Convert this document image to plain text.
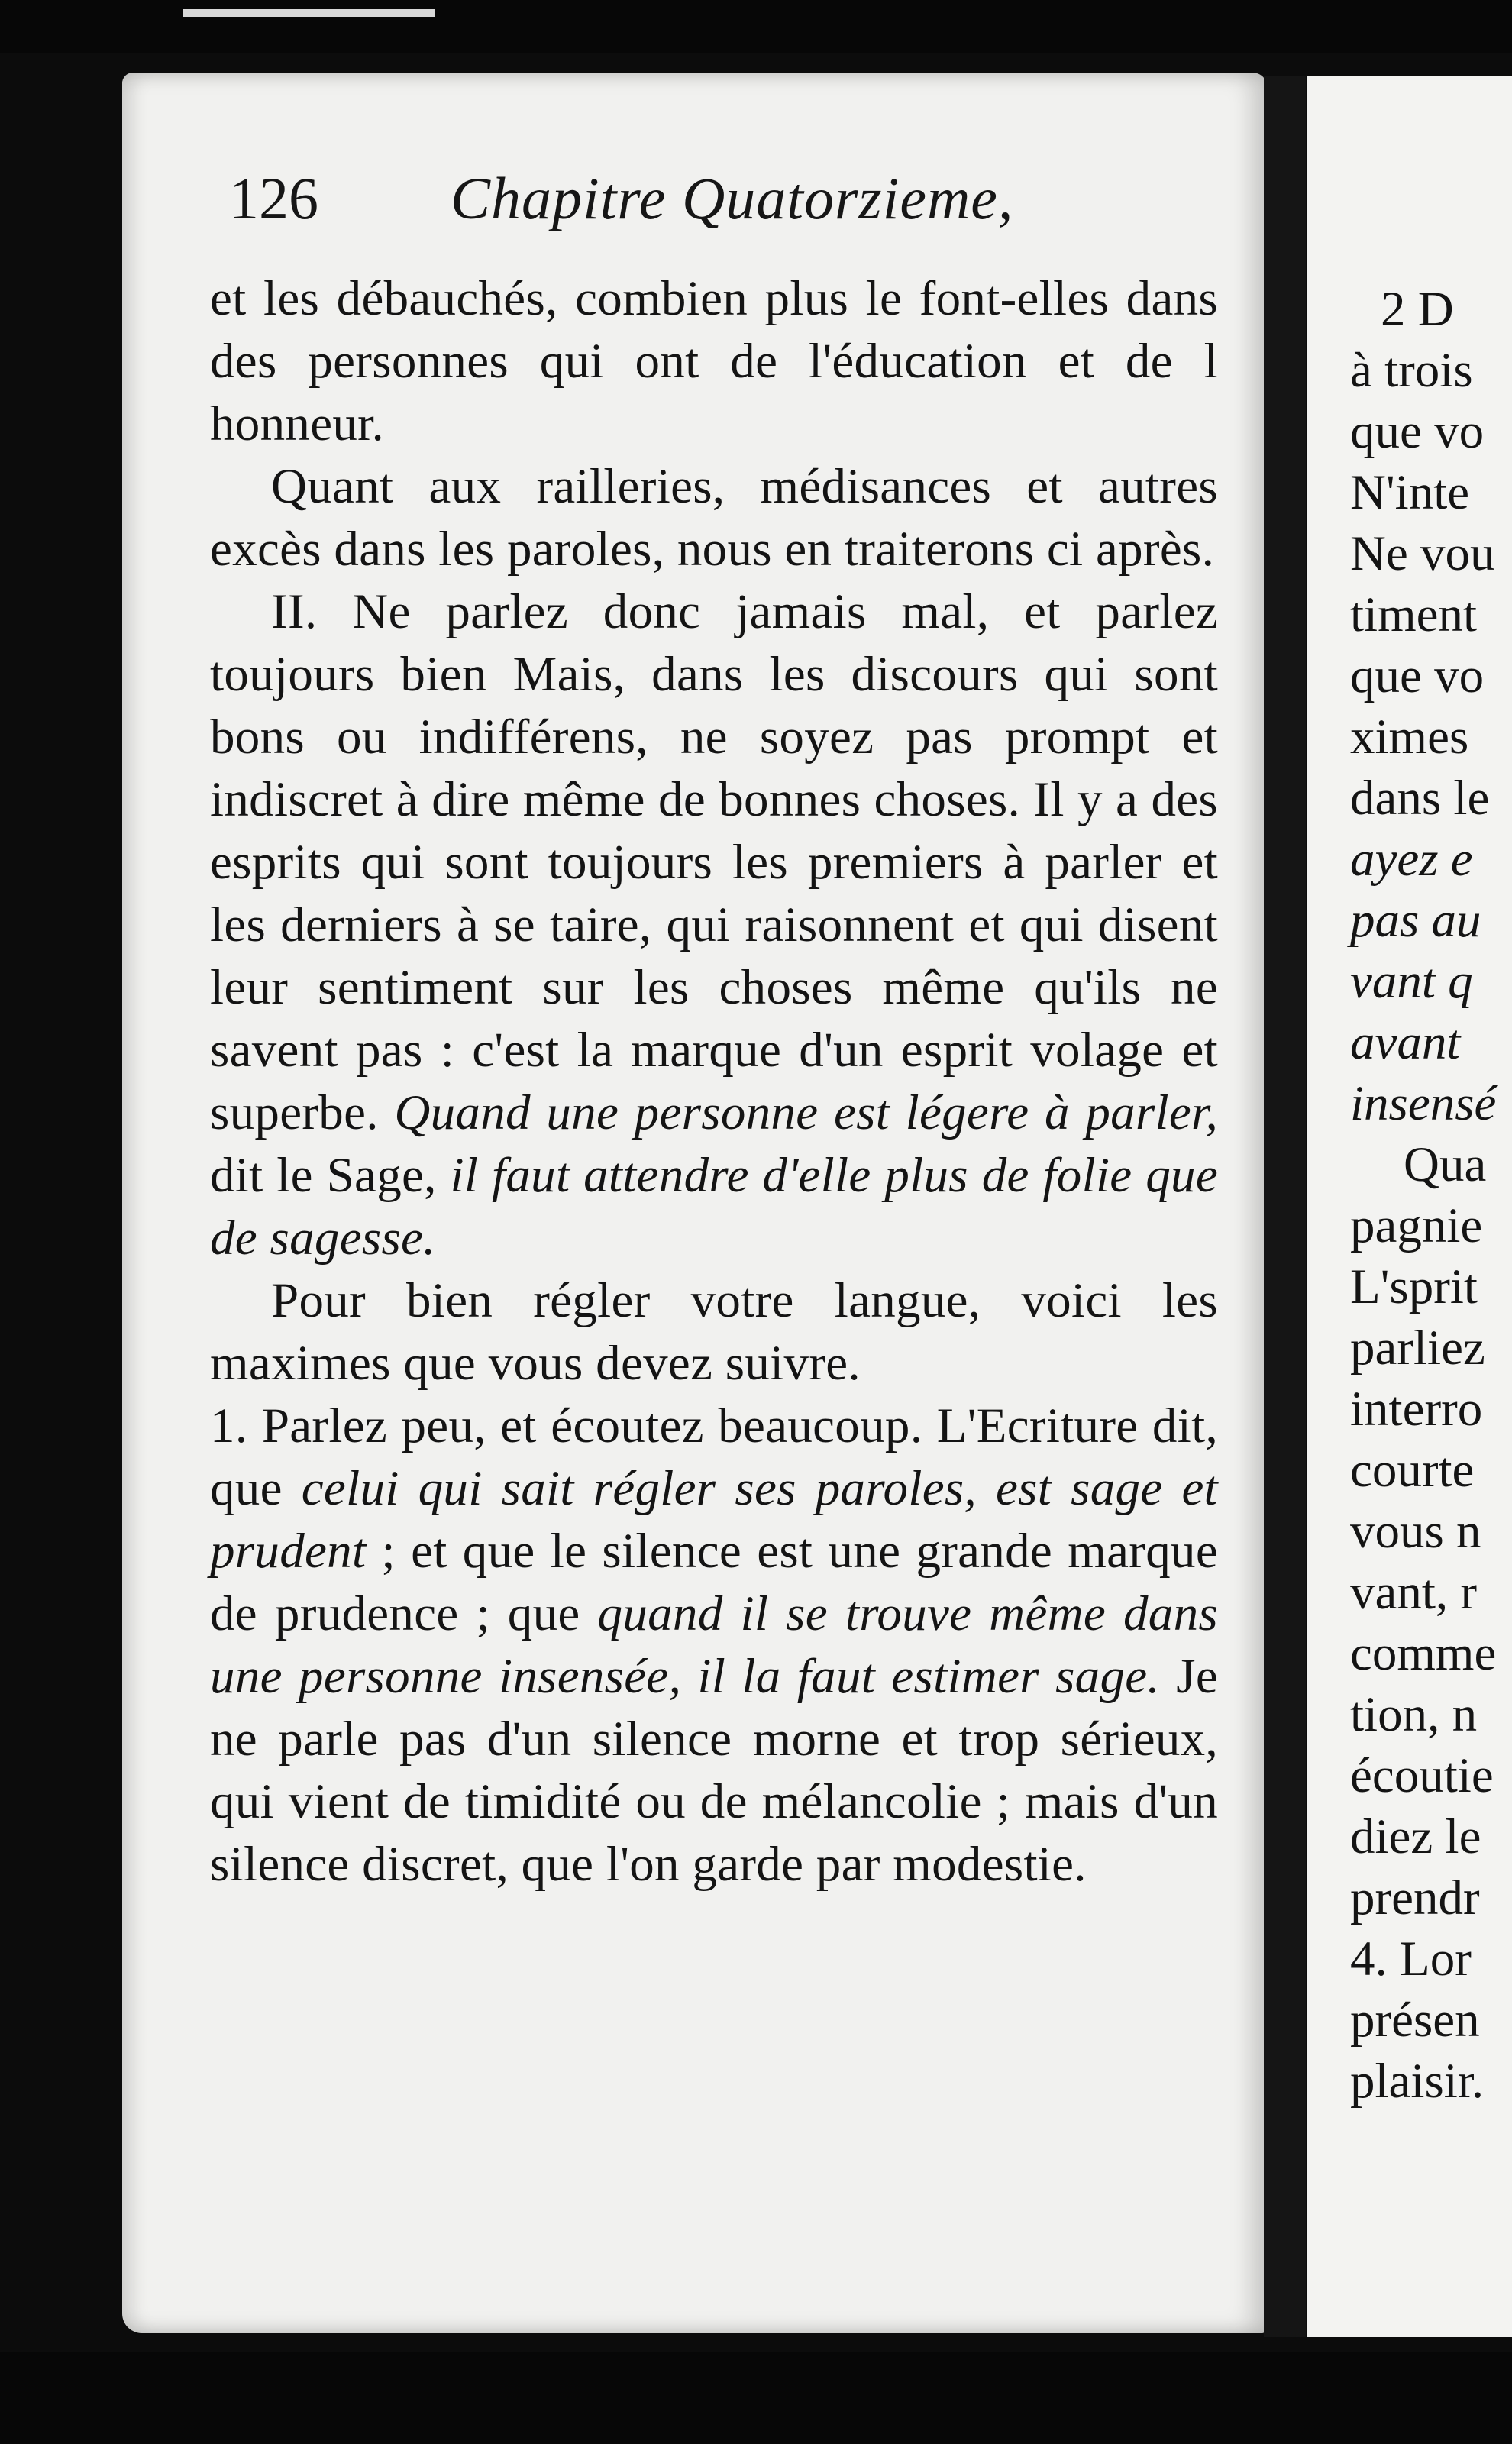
126 Chapitre Quatorzieme,

et les débauchés, combien plus le font-elles dans des personnes qui ont de l'éducation et de l honneur.

Quant aux railleries, médisances et autres excès dans les paroles, nous en traiterons ci après.

II. Ne parlez donc jamais mal, et parlez toujours bien Mais, dans les discours qui sont bons ou indifférens, ne soyez pas prompt et indiscret à dire même de bonnes choses. Il y a des esprits qui sont toujours les premiers à parler et les derniers à se taire, qui raisonnent et qui disent leur sentiment sur les choses même qu'ils ne savent pas : c'est la marque d'un esprit volage et superbe. Quand une personne est légere à parler, dit le Sage, il faut attendre d'elle plus de folie que de sagesse.

Pour bien régler votre langue, voici les maximes que vous devez suivre.

1. Parlez peu, et écoutez beaucoup. L'Ecriture dit, que celui qui sait régler ses paroles, est sage et prudent ; et que le silence est une grande marque de prudence ; que quand il se trouve même dans une personne insensée, il la faut estimer sage. Je ne parle pas d'un silence morne et trop sérieux, qui vient de timidité ou de mélancolie ; mais d'un silence discret, que l'on garde par modestie.

2 D
à trois
que vo
N'inte
Ne vou
timent
que vo
ximes
dans le
ayez e
pas au
vant q
avant
insensé
Qua
pagnie
L'sprit
parliez
interro
courte
vous n
vant, r
comme
tion, n
écoutie
diez le
prendr
4. Lor
présen
plaisir.
